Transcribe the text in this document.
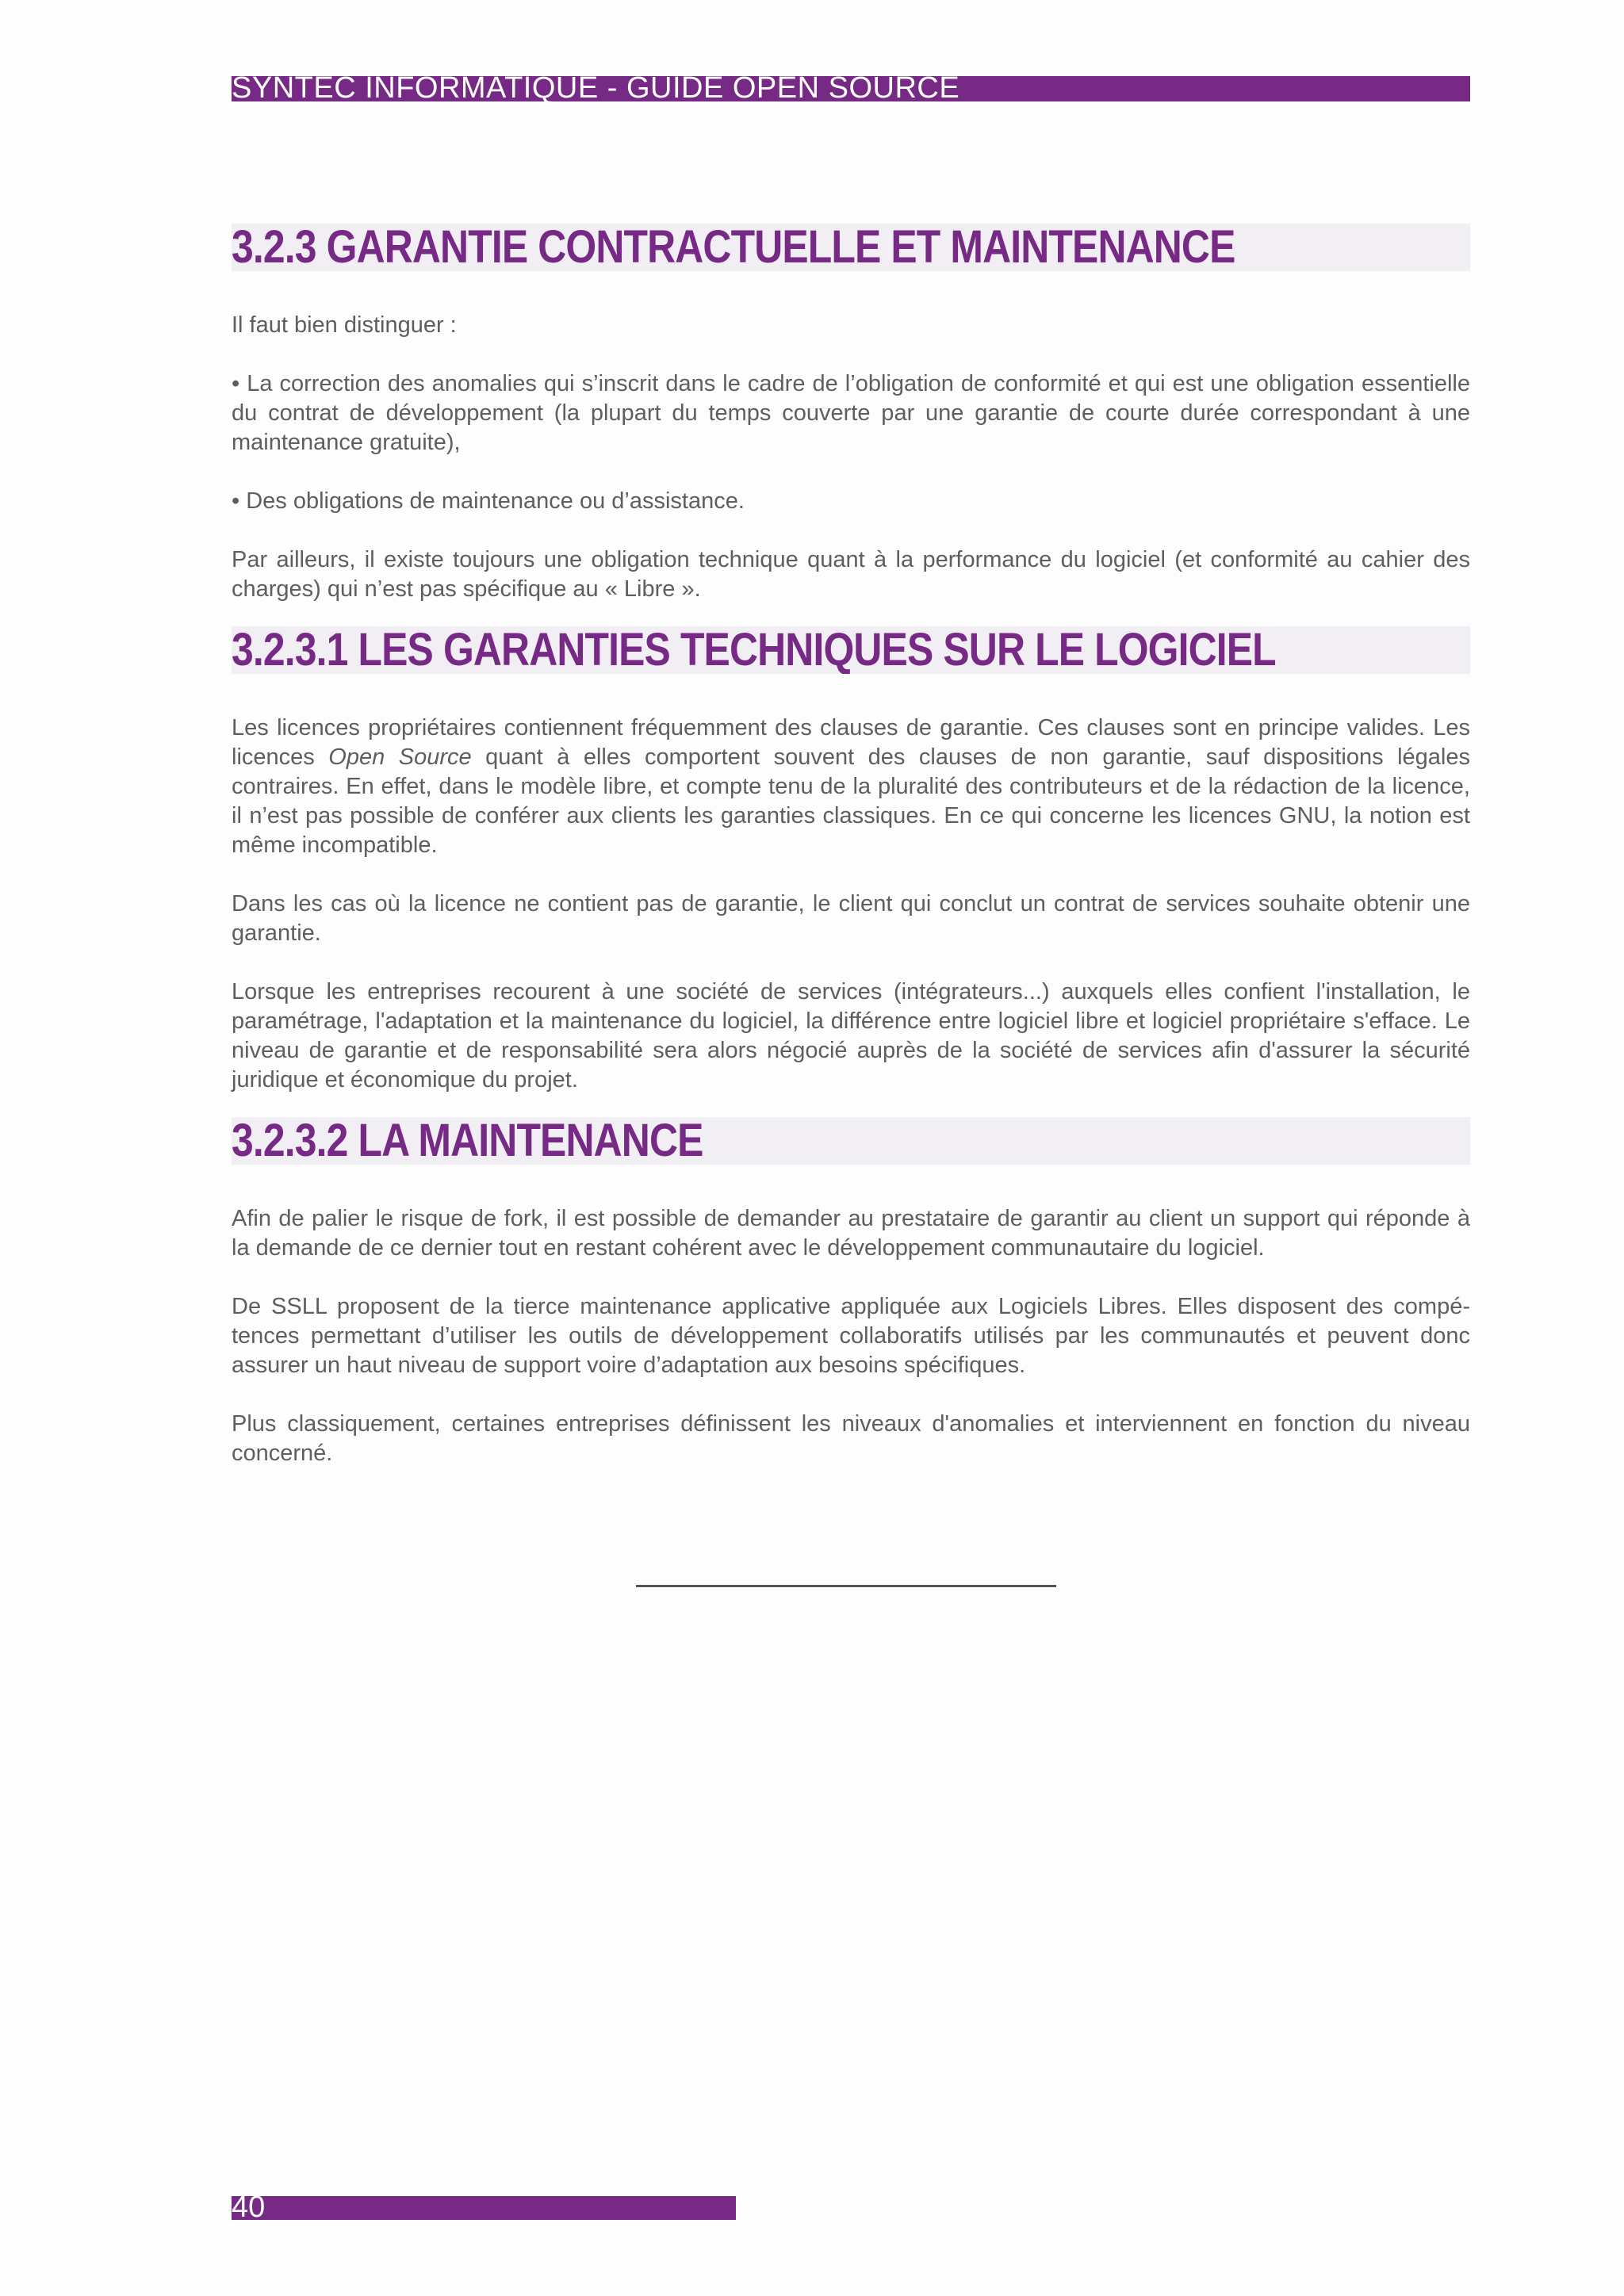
SYNTEC INFORMATIQUE - GUIDE OPEN SOURCE
3.2.3 GARANTIE CONTRACTUELLE ET MAINTENANCE

Il faut bien distinguer :

• La correction des anomalies qui s’inscrit dans le cadre de l’obligation de conformité et qui est une obligation essentielle du contrat de développement (la plupart du temps couverte par une garantie de courte durée correspondant à une maintenance gratuite),

• Des obligations de maintenance ou d’assistance.

Par ailleurs, il existe toujours une obligation technique quant à la performance du logiciel (et conformité au cahier des charges) qui n’est pas spécifique au « Libre ».

3.2.3.1 LES GARANTIES TECHNIQUES SUR LE LOGICIEL

Les licences propriétaires contiennent fréquemment des clauses de garantie. Ces clauses sont en principe valides. Les licences Open Source quant à elles comportent souvent des clauses de non garantie, sauf dispositions légales contraires. En effet, dans le modèle libre, et compte tenu de la pluralité des contributeurs et de la rédaction de la licence, il n’est pas possible de conférer aux clients les garanties classiques. En ce qui concerne les licences GNU, la notion est même incompatible.

Dans les cas où la licence ne contient pas de garantie, le client qui conclut un contrat de services souhaite obtenir une garantie.

Lorsque les entreprises recourent à une société de services (intégrateurs...) auxquels elles confient l'installation, le paramétrage, l'adaptation et la maintenance du logiciel, la différence entre logiciel libre et logiciel propriétaire s'efface. Le niveau de garantie et de responsabilité sera alors négocié auprès de la société de services afin d'assurer la sécurité juridique et économique du projet.

3.2.3.2 LA MAINTENANCE

Afin de palier le risque de fork, il est possible de demander au prestataire de garantir au client un support qui réponde à la demande de ce dernier tout en restant cohérent avec le développement communautaire du logiciel.

De SSLL proposent de la tierce maintenance applicative appliquée aux Logiciels Libres. Elles disposent des compé-tences permettant d’utiliser les outils de développement collaboratifs utilisés par les communautés et peuvent donc assurer un haut niveau de support voire d’adaptation aux besoins spécifiques.

Plus classiquement, certaines entreprises définissent les niveaux d'anomalies et interviennent en fonction du niveau concerné.

40
